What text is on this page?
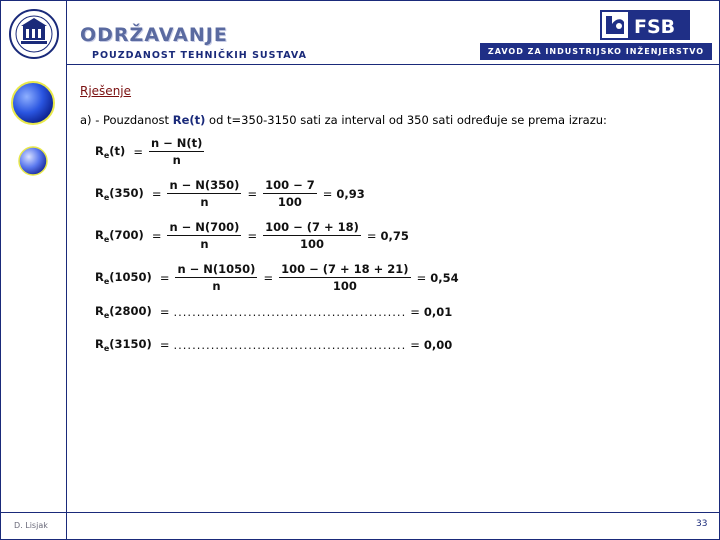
ODRŽAVANJE
POUZDANOST TEHNIČKIH SUSTAVA
FSB
ZAVOD ZA INDUSTRIJSKO INŽENJERSTVO
Rješenje
a) - Pouzdanost Re(t) od t=350-3150 sati za interval od 350 sati određuje se prema izrazu:
$R_e(t) = \frac{n - N(t)}{n}$
$R_e(350) = \frac{n - N(350)}{n} = \frac{100 - 7}{100} = 0,93$
$R_e(700) = \frac{n - N(700)}{n} = \frac{100 - (7 + 18)}{100} = 0,75$
$R_e(1050) = \frac{n - N(1050)}{n} = \frac{100 - (7 + 18 + 21)}{100} = 0,54$
$R_e(2800)$ = .................................................. = 0,01
$R_e(3150)$ = .................................................. = 0,00
D. Lisjak	33
